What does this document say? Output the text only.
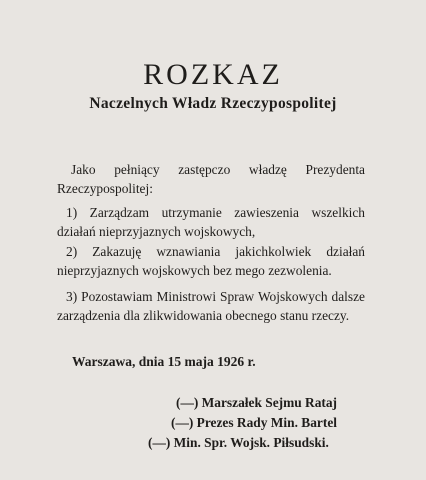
ROZKAZ
Naczelnych Władz Rzeczypospolitej

Jako pełniący zastępczo władzę Prezydenta Rzeczypospolitej:

1) Zarządzam utrzymanie zawieszenia wszelkich działań nieprzyjaznych wojskowych,

2) Zakazuję wznawiania jakichkolwiek działań nieprzyjaznych wojskowych bez mego zezwolenia.

3) Pozostawiam Ministrowi Spraw Wojskowych dalsze zarządzenia dla zlikwidowania obecnego stanu rzeczy.

Warszawa, dnia 15 maja 1926 r.
(—) Marszałek Sejmu Rataj
(—) Prezes Rady Min. Bartel
(—) Min. Spr. Wojsk. Piłsudski.
